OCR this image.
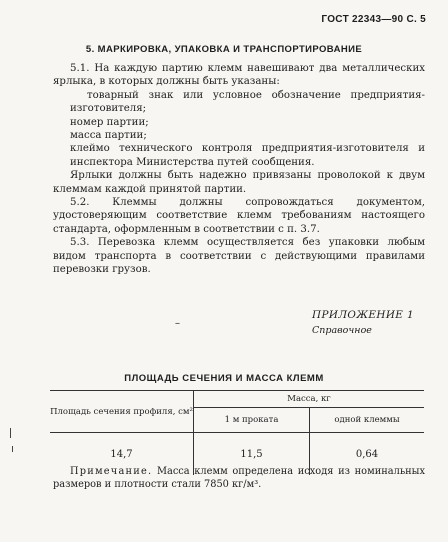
ГОСТ 22343—90 С. 5
5. МАРКИРОВКА, УПАКОВКА И ТРАНСПОРТИРОВАНИЕ

5.1. На каждую партию клемм навешивают два металлических ярлыка, в которых должны быть указаны:

товарный знак или условное обозначение предприятия-изготовителя;

номер партии;

масса партии;

клеймо технического контроля предприятия-изготовителя и инспектора Министерства путей сообщения.

Ярлыки должны быть надежно привязаны проволокой к двум клеммам каждой принятой партии.

5.2. Клеммы должны сопровождаться документом, удостоверяющим соответствие клемм требованиям настоящего стандарта, оформленным в соответствии с п. 3.7.

5.3. Перевозка клемм осуществляется без упаковки любым видом транспорта в соответствии с действующими правилами перевозки грузов.

–
ПРИЛОЖЕНИЕ 1
Справочное
ПЛОЩАДЬ СЕЧЕНИЯ И МАССА КЛЕММ
Площадь сечения профиля, см²	Масса, кг	
	1 м проката	одной клеммы
14,7	11,5	0,64
Примечание. Масса клемм определена исходя из номинальных размеров и плотности стали 7850 кг/м³.
